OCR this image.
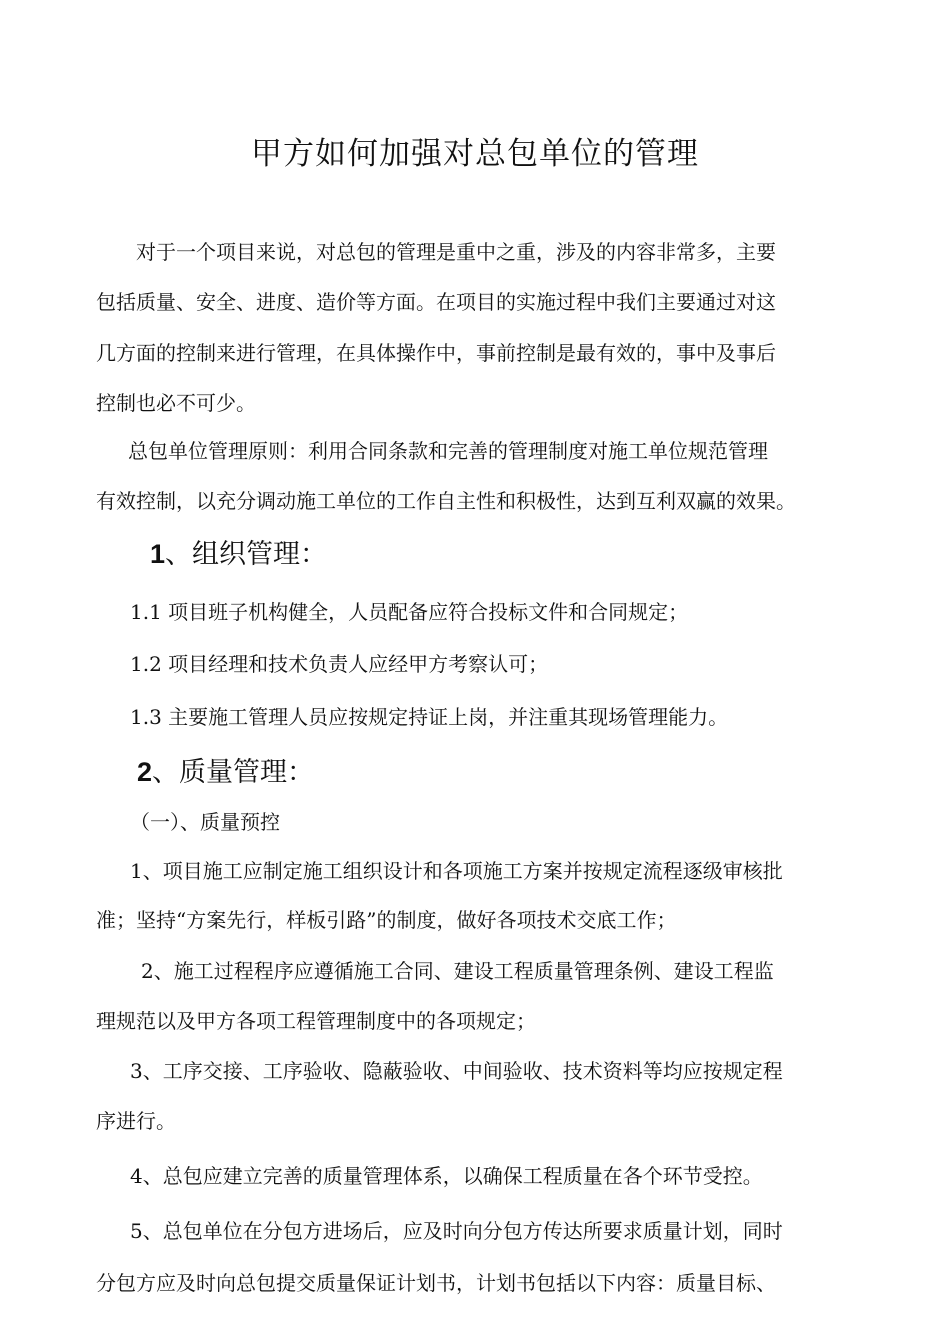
甲方如何加强对总包单位的管理
对于一个项目来说，对总包的管理是重中之重，涉及的内容非常多，主要
包括质量、安全、进度、造价等方面。在项目的实施过程中我们主要通过对这
几方面的控制来进行管理，在具体操作中，事前控制是最有效的，事中及事后
控制也必不可少。
总包单位管理原则：利用合同条款和完善的管理制度对施工单位规范管理
有效控制，以充分调动施工单位的工作自主性和积极性，达到互利双赢的效果。
1、组织管理：
1.1 项目班子机构健全，人员配备应符合投标文件和合同规定；
1.2 项目经理和技术负责人应经甲方考察认可；
1.3 主要施工管理人员应按规定持证上岗，并注重其现场管理能力。
2、质量管理：
（一）、质量预控
1、项目施工应制定施工组织设计和各项施工方案并按规定流程逐级审核批
准；坚持“方案先行，样板引路”的制度，做好各项技术交底工作；
2、施工过程程序应遵循施工合同、建设工程质量管理条例、建设工程监
理规范以及甲方各项工程管理制度中的各项规定；
3、工序交接、工序验收、隐蔽验收、中间验收、技术资料等均应按规定程
序进行。
4、总包应建立完善的质量管理体系，以确保工程质量在各个环节受控。
5、总包单位在分包方进场后，应及时向分包方传达所要求质量计划，同时
分包方应及时向总包提交质量保证计划书，计划书包括以下内容：质量目标、
